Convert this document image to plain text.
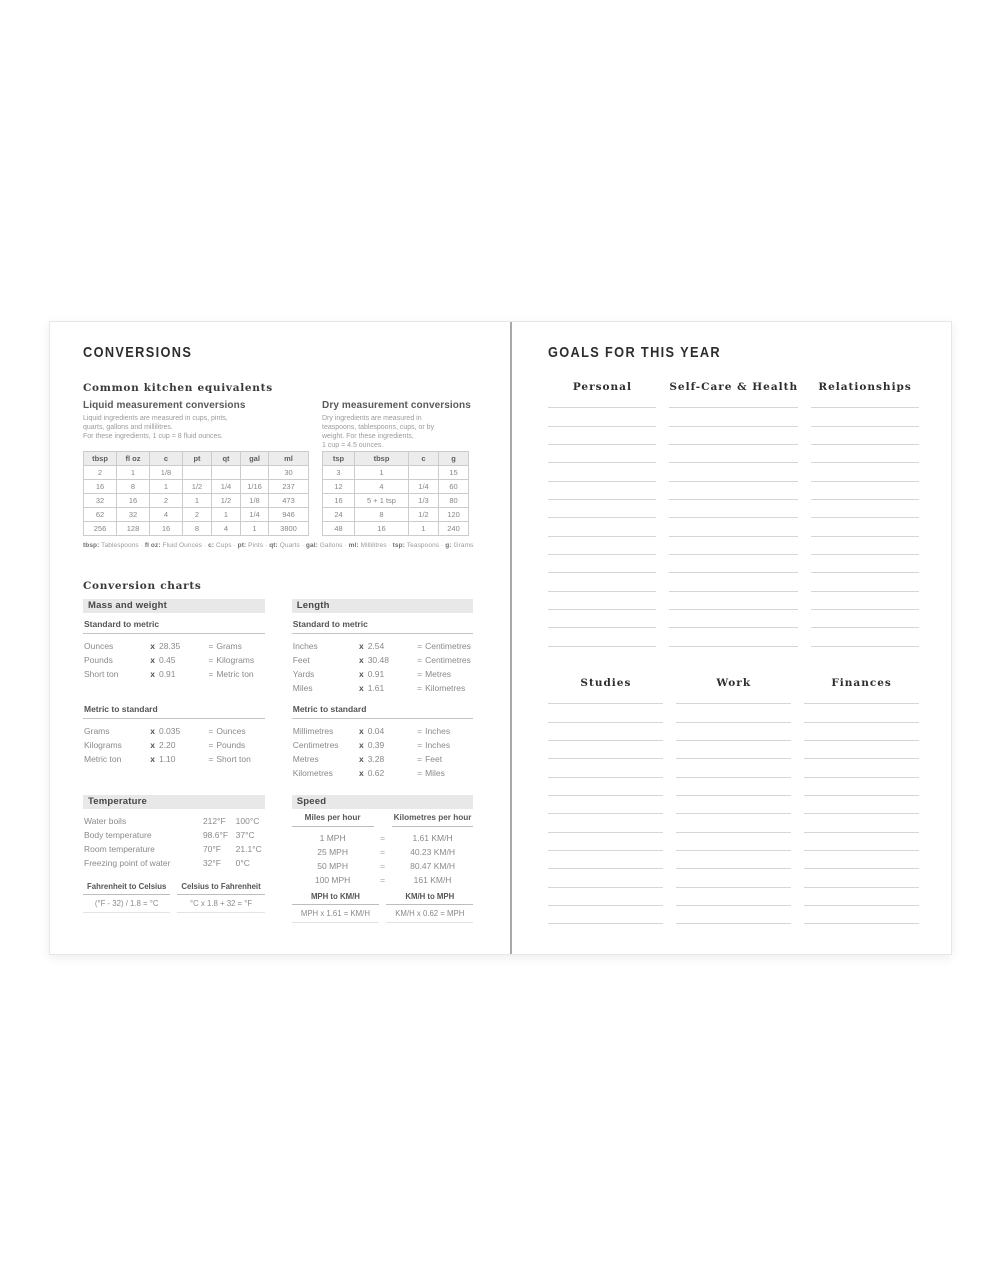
CONVERSIONS
Common kitchen equivalents
Liquid measurement conversions

Liquid ingredients are measured in cups, pints,
quarts, gallons and millilitres.
For these ingredients, 1 cup = 8 fluid ounces.

tbsp	fl oz	c	pt	qt	gal	ml
2	1	1/8				30
16	8	1	1/2	1/4	1/16	237
32	16	2	1	1/2	1/8	473
62	32	4	2	1	1/4	946
256	128	16	8	4	1	3800
Dry measurement conversions

Dry ingredients are measured in
teaspoons, tablespoons, cups, or by
weight. For these ingredients,
1 cup = 4.5 ounces.

tsp	tbsp	c	g
3	1		15
12	4	1/4	60
16	5 + 1 tsp	1/3	80
24	8	1/2	120
48	16	1	240

tbsp: Tablespoons · fl oz: Fluid Ounces · c: Cups · pt: Pints · qt: Quarts · gal: Gallons · ml: Millilitres · tsp: Teaspoons · g: Grams

Conversion charts
Mass and weight
Standard to metric
Ounces	x 28.35	= Grams
Pounds	x 0.45	= Kilograms
Short ton	x 0.91	= Metric ton
Metric to standard
Grams	x 0.035	= Ounces
Kilograms	x 2.20	= Pounds
Metric ton	x 1.10	= Short ton
Temperature
Water boils	212°F	100°C
Body temperature	98.6°F 37°C
Room temperature	70°F	21.1°C
Freezing point of water	32°F	0°C
Fahrenheit to Celsius
(°F - 32) / 1.8 = °C
Celsius to Fahrenheit
°C x 1.8 + 32 = °F
Length
Standard to metric
Inches	x 2.54	= Centimetres
Feet	x 30.48	= Centimetres
Yards	x 0.91	= Metres
Miles	x 1.61	= Kilometres
Metric to standard
Millimetres	x 0.04	= Inches
Centimetres	x 0.39	= Inches
Metres	x 3.28	= Feet
Kilometres	x 0.62	= Miles
Speed
Miles per hour	Kilometres per hour
1 MPH	=	1.61 KM/H
25 MPH	=	40.23 KM/H
50 MPH	=	80.47 KM/H
100 MPH	=	161 KM/H
MPH to KM/H
MPH x 1.61 = KM/H
KM/H to MPH
KM/H x 0.62 = MPH
GOALS FOR THIS YEAR
Personal	Self-Care & Health	Relationships
Studies	Work	Finances
